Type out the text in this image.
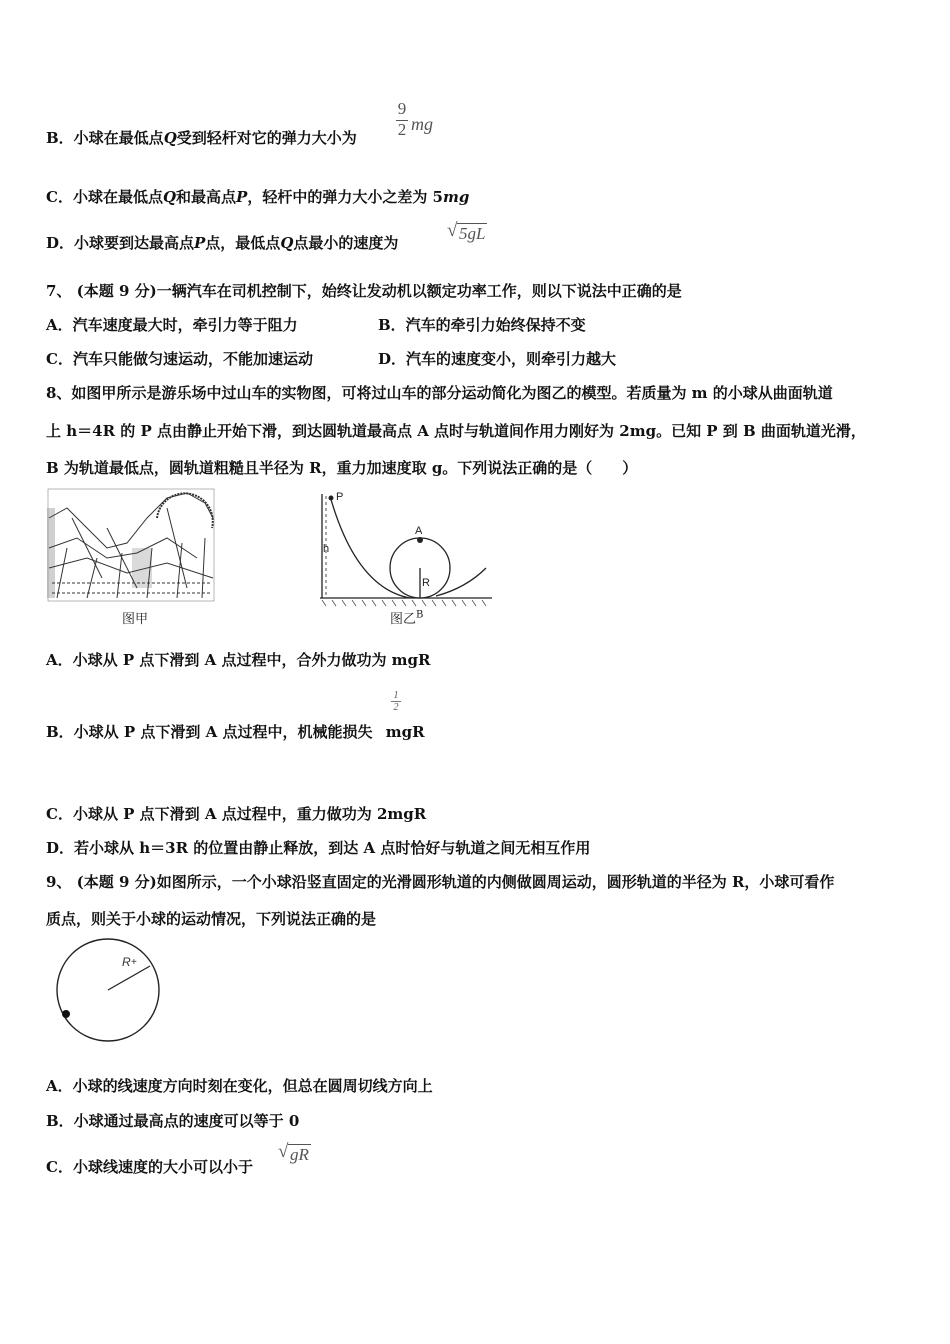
B．小球在最低点Q受到轻杆对它的弹力大小为 $\frac{9}{2}$ mg
C．小球在最低点Q和最高点P，轻杆中的弹力大小之差为 5mg
D．小球要到达最高点P点，最低点Q点最小的速度为
√ 5gL
7、 (本题 9 分)一辆汽车在司机控制下，始终让发动机以额定功率工作，则以下说法中正确的是
A．汽车速度最大时，牵引力等于阻力	B．汽车的牵引力始终保持不变
C．汽车只能做匀速运动，不能加速运动	D．汽车的速度变小，则牵引力越大
8、如图甲所示是游乐场中过山车的实物图，可将过山车的部分运动简化为图乙的模型。若质量为 m 的小球从曲面轨道
上 h＝4R 的 P 点由静止开始下滑，到达圆轨道最高点 A 点时与轨道间作用力刚好为 2mg。已知 P 到 B 曲面轨道光滑，
B 为轨道最低点，圆轨道粗糙且半径为 R，重力加速度取 g。下列说法正确的是（　　）
图甲
P
h
A
R
图乙$^B$
A．小球从 P 点下滑到 A 点过程中，合外力做功为 mgR
$\frac{1}{2}$
B．小球从 P 点下滑到 A 点过程中，机械能损失 mgR
C．小球从 P 点下滑到 A 点过程中，重力做功为 2mgR
D．若小球从 h＝3R 的位置由静止释放，到达 A 点时恰好与轨道之间无相互作用
9、 (本题 9 分)如图所示，一个小球沿竖直固定的光滑圆形轨道的内侧做圆周运动，圆形轨道的半径为 R，小球可看作
质点，则关于小球的运动情况，下列说法正确的是
R +
A．小球的线速度方向时刻在变化，但总在圆周切线方向上
B．小球通过最高点的速度可以等于 0
C．小球线速度的大小可以小于
√ gR
